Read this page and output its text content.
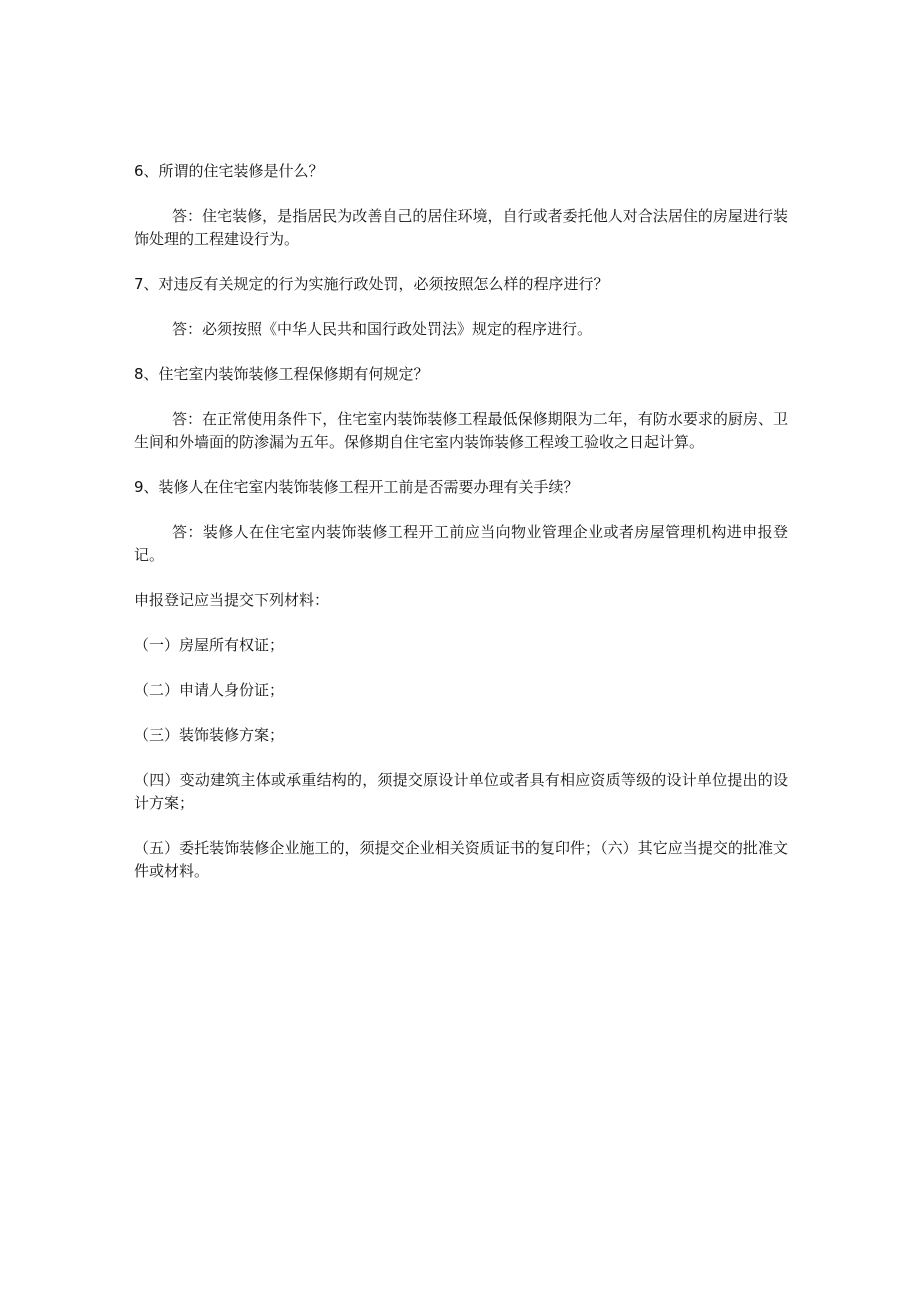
6、所谓的住宅装修是什么？

答：住宅装修，是指居民为改善自己的居住环境，自行或者委托他人对合法居住的房屋进行装饰处理的工程建设行为。

7、对违反有关规定的行为实施行政处罚，必须按照怎么样的程序进行？

答：必须按照《中华人民共和国行政处罚法》规定的程序进行。

8、住宅室内装饰装修工程保修期有何规定？

答：在正常使用条件下，住宅室内装饰装修工程最低保修期限为二年，有防水要求的厨房、卫生间和外墙面的防渗漏为五年。保修期自住宅室内装饰装修工程竣工验收之日起计算。

9、装修人在住宅室内装饰装修工程开工前是否需要办理有关手续？

答：装修人在住宅室内装饰装修工程开工前应当向物业管理企业或者房屋管理机构进申报登记。

申报登记应当提交下列材料：

（一）房屋所有权证；

（二）申请人身份证；

（三）装饰装修方案；

（四）变动建筑主体或承重结构的，须提交原设计单位或者具有相应资质等级的设计单位提出的设计方案；

（五）委托装饰装修企业施工的，须提交企业相关资质证书的复印件；（六）其它应当提交的批准文件或材料。
